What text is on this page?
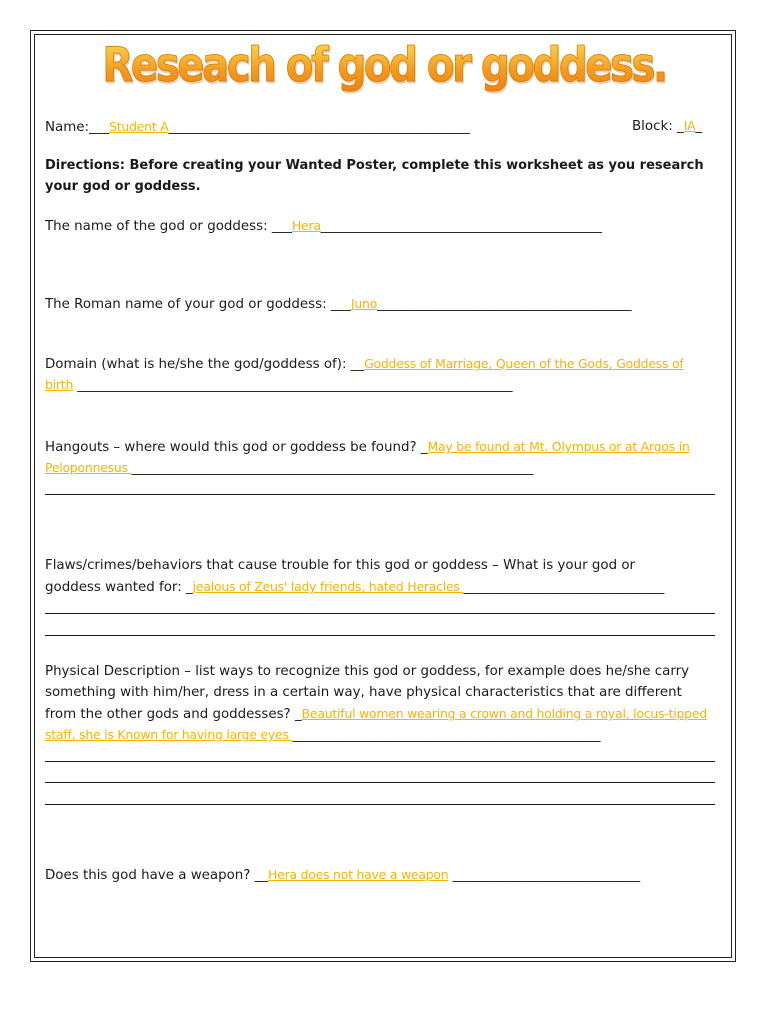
Reseach of god or goddess.
Name:___Student A_____________________________________________	Block: _IA_
Directions: Before creating your Wanted Poster, complete this worksheet as you research
your god or goddess.
The name of the god or goddess: ___Hera__________________________________________
The Roman name of your god or goddess: ___Juno______________________________________
Domain (what is he/she the god/goddess of): __Goddess of Marriage, Queen of the Gods, Goddess of
birth _________________________________________________________________
Hangouts – where would this god or goddess be found? _May be found at Mt. Olympus or at Argos in
Peloponnesus ____________________________________________________________
Flaws/crimes/behaviors that cause trouble for this god or goddess – What is your god or
goddess wanted for: _jealous of Zeus' lady friends, hated Heracles ______________________________
Physical Description – list ways to recognize this god or goddess, for example does he/she carry
something with him/her, dress in a certain way, have physical characteristics that are different
from the other gods and goddesses? _Beautiful women wearing a crown and holding a royal, locus-tipped
staff, she is Known for having large eyes ______________________________________________
Does this god have a weapon? __Hera does not have a weapon ____________________________
